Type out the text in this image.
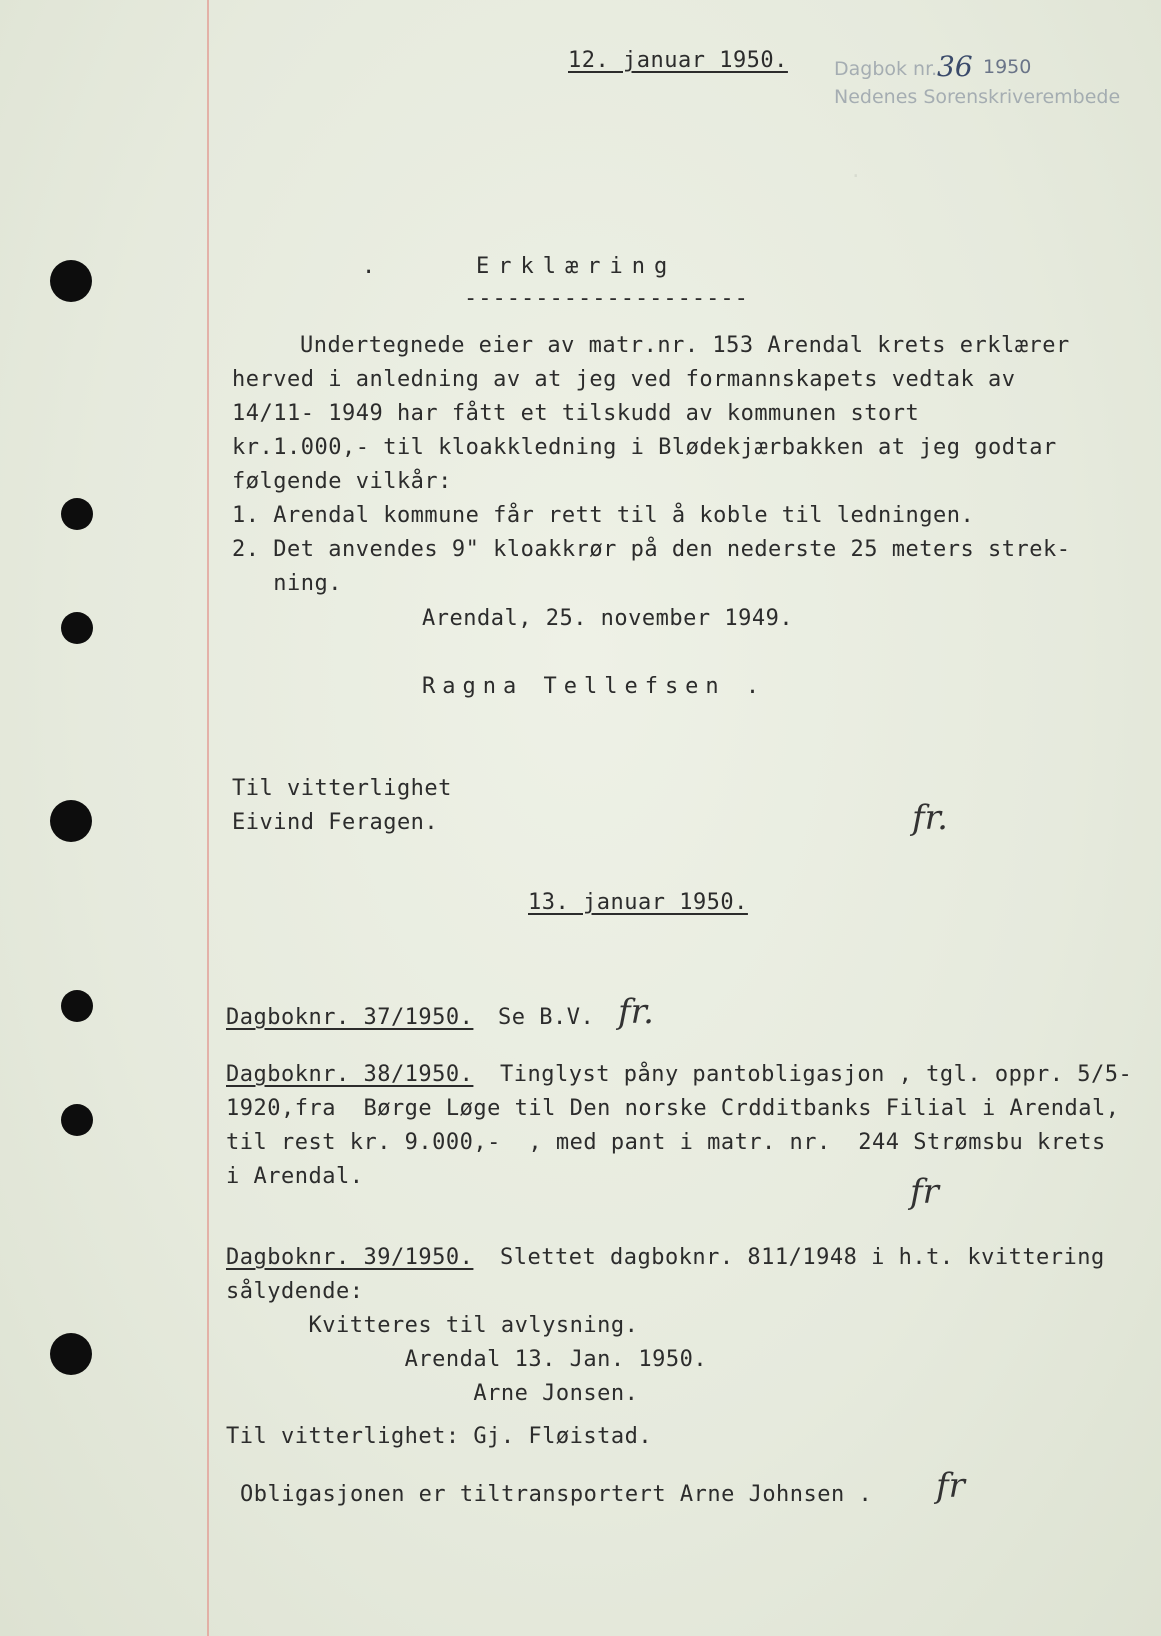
12. januar 1950. Dagbok nr. 36 1950
Nedenes Sorenskriverembede
·
.	Erklæring
--------------------
Undertegnede eier av matr.nr. 153 Arendal krets erklærer
herved i anledning av at jeg ved formannskapets vedtak av
14/11- 1949 har fått et tilskudd av kommunen stort
kr.1.000,- til kloakkledning i Blødekjærbakken at jeg godtar
følgende vilkår:
1. Arendal kommune får rett til å koble til ledningen.
2. Det anvendes 9" kloakkrør på den nederste 25 meters strek-
ning.
Arendal, 25. november 1949.
Ragna Tellefsen .
Til vitterlighet
Eivind Feragen.	fr.
13. januar 1950.
Dagboknr. 37/1950. Se B.V. fr.
Dagboknr. 38/1950. Tinglyst påny pantobligasjon , tgl. oppr. 5/5-
1920,fra  Børge Løge til Den norske Crdditbanks Filial i Arendal,
til rest kr. 9.000,-  , med pant i matr. nr.  244 Strømsbu krets
i Arendal.	fr
Dagboknr. 39/1950. Slettet dagboknr. 811/1948 i h.t. kvittering
sålydende:
Kvitteres til avlysning.
Arendal 13. Jan. 1950.
Arne Jonsen.
Til vitterlighet: Gj. Fløistad.
Obligasjonen er tiltransportert Arne Johnsen . fr
